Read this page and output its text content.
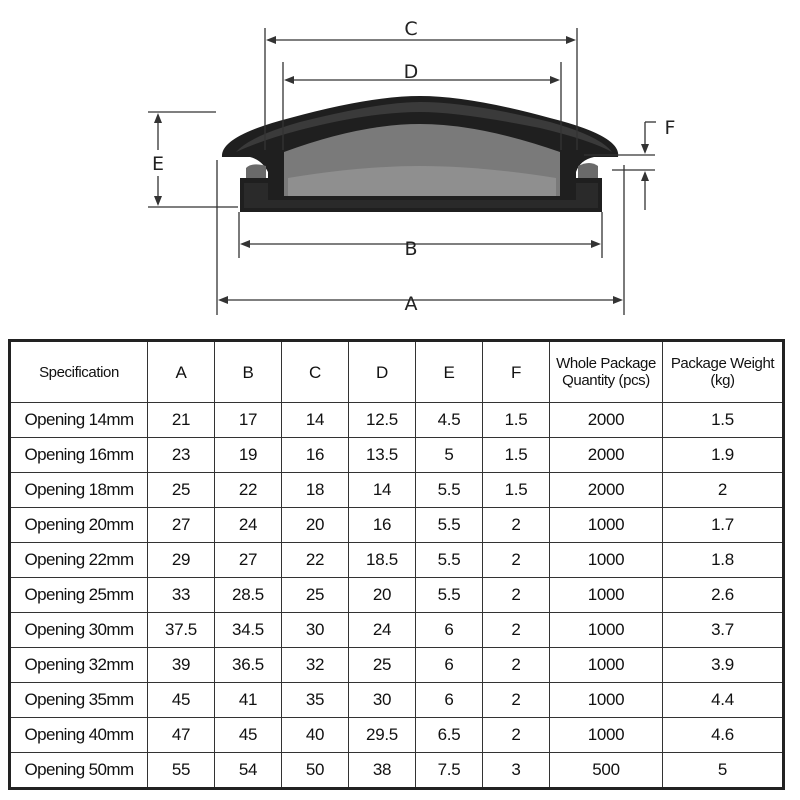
C
D
E
F
B
A
Specification	A	B	C	D	E	F	Whole Package Quantity (pcs)	Package Weight (kg)
Opening 14mm	21	17	14	12.5	4.5	1.5	2000	1.5
Opening 16mm	23	19	16	13.5	5	1.5	2000	1.9
Opening 18mm	25	22	18	14	5.5	1.5	2000	2
Opening 20mm	27	24	20	16	5.5	2	1000	1.7
Opening 22mm	29	27	22	18.5	5.5	2	1000	1.8
Opening 25mm	33	28.5	25	20	5.5	2	1000	2.6
Opening 30mm	37.5	34.5	30	24	6	2	1000	3.7
Opening 32mm	39	36.5	32	25	6	2	1000	3.9
Opening 35mm	45	41	35	30	6	2	1000	4.4
Opening 40mm	47	45	40	29.5	6.5	2	1000	4.6
Opening 50mm	55	54	50	38	7.5	3	500	5
